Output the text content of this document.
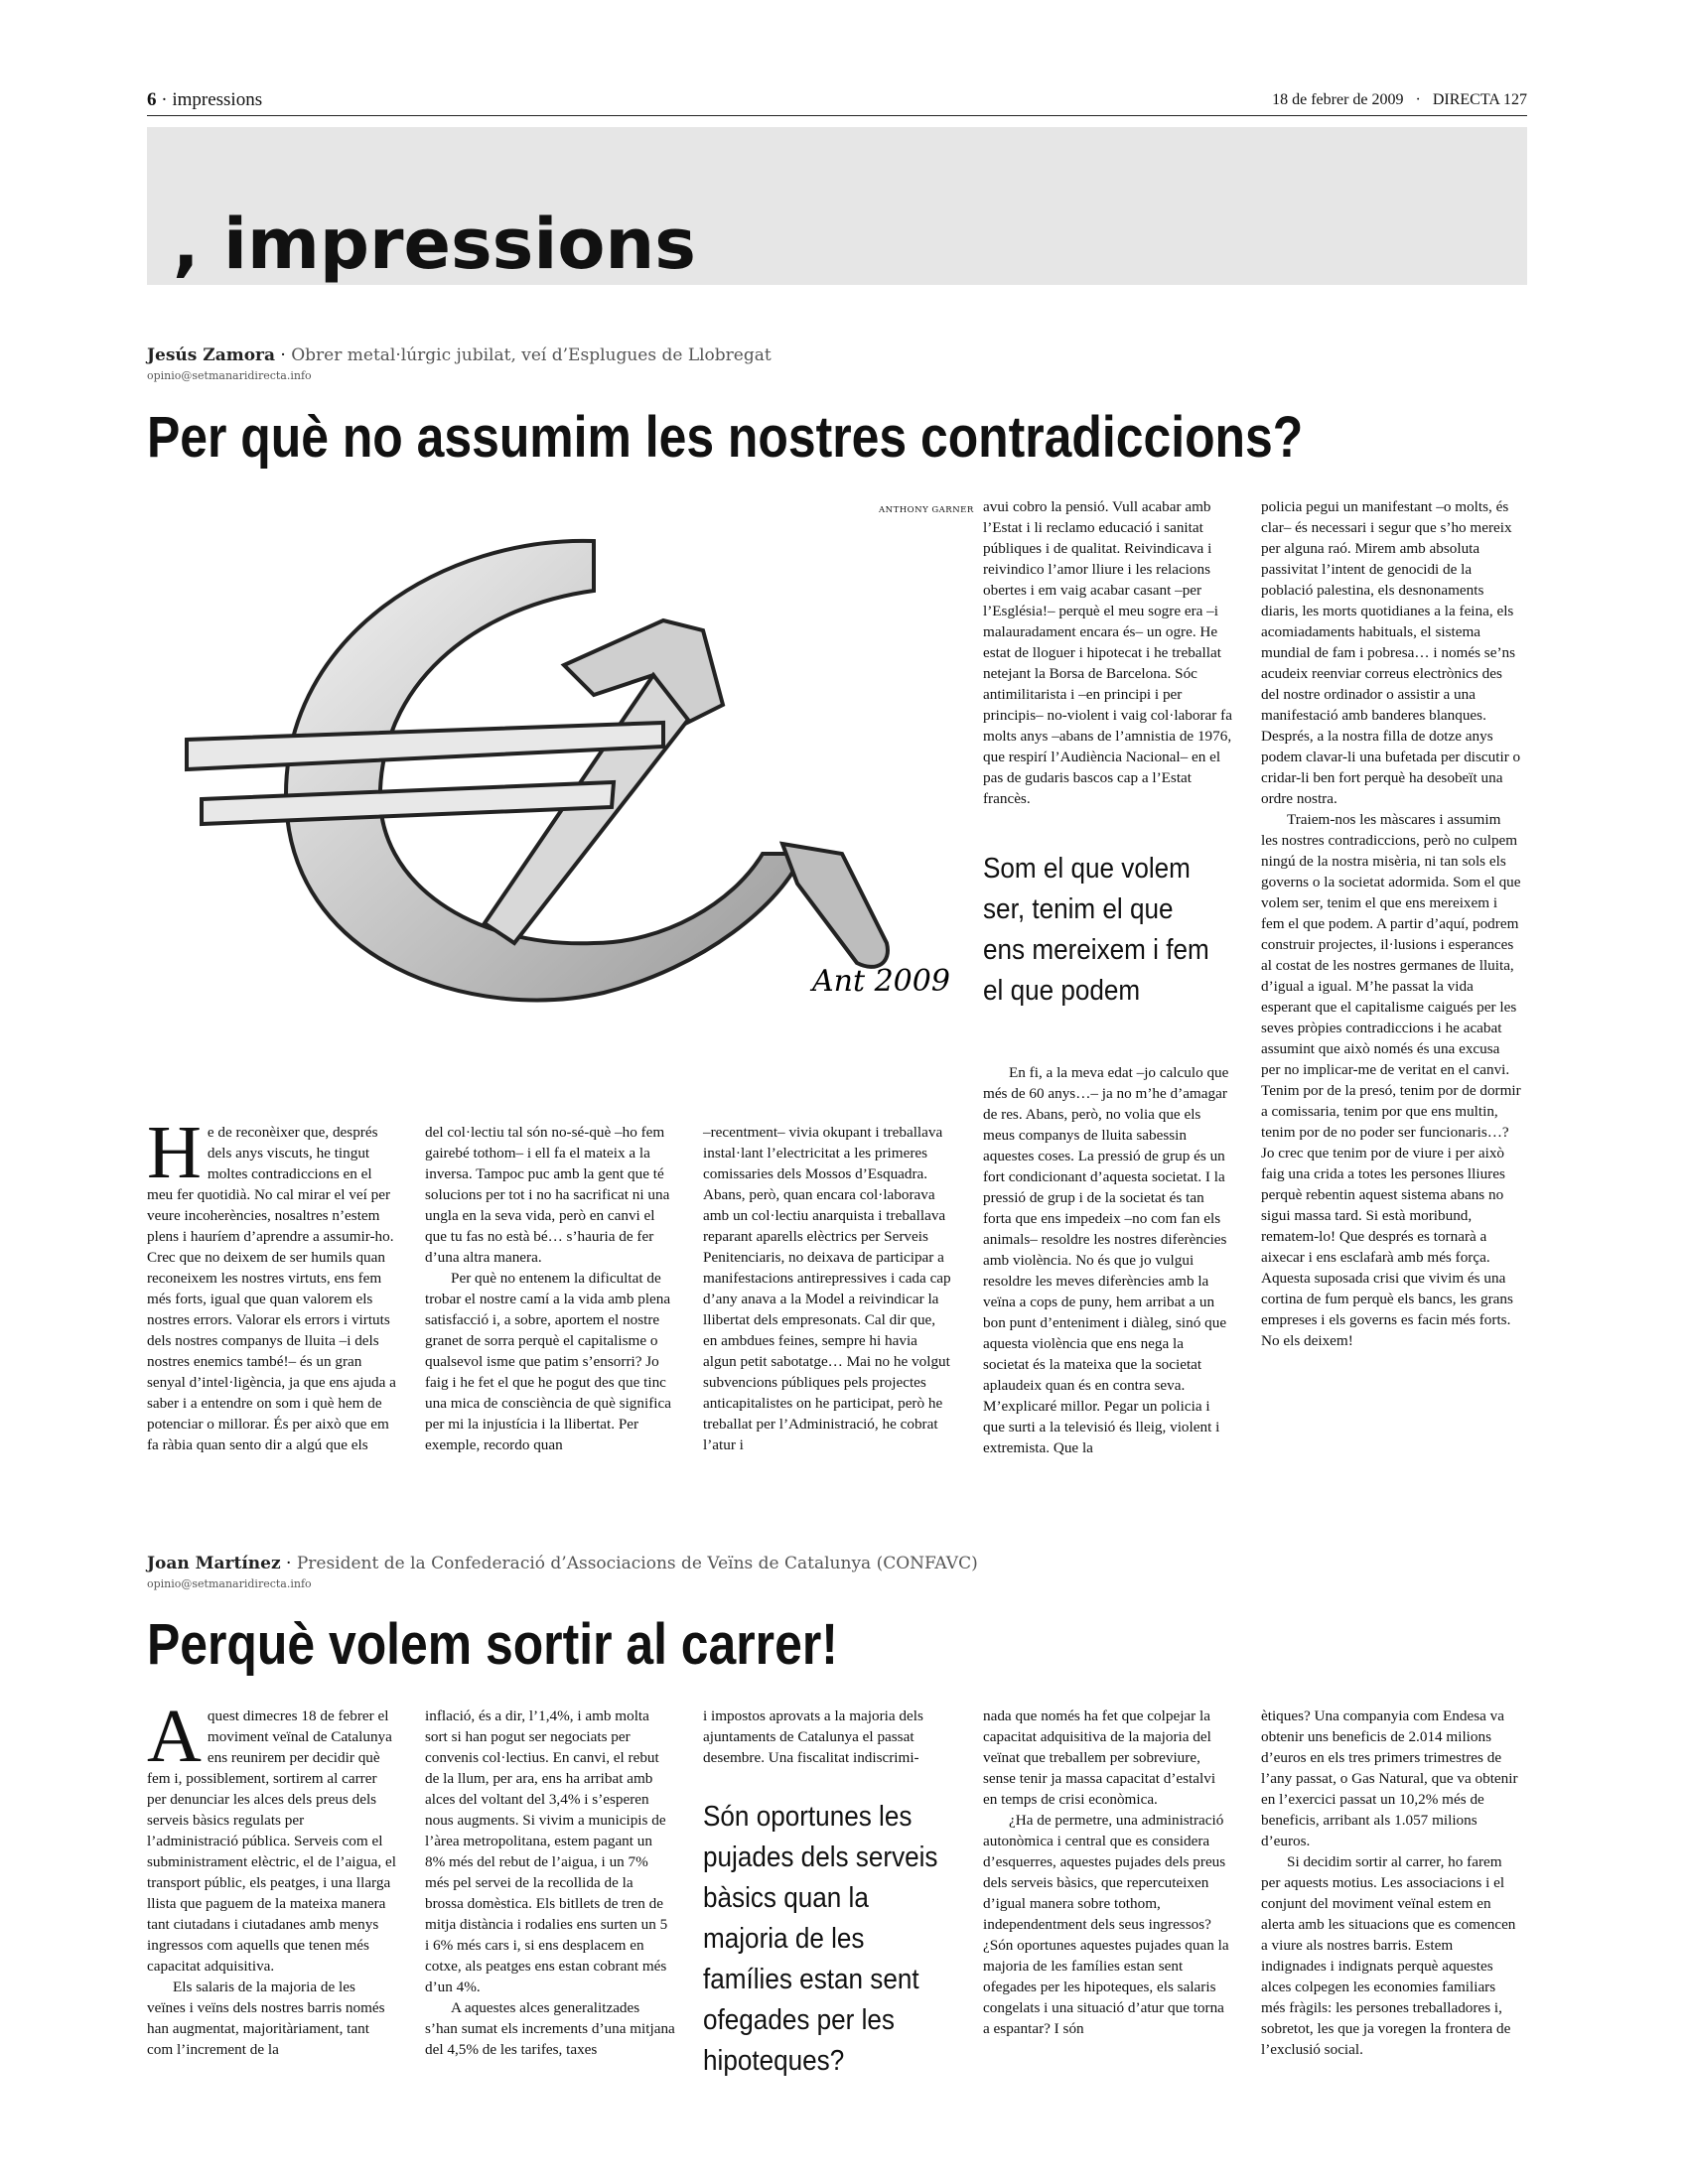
6 · impressions	18 de febrer de 2009 · DIRECTA 127
, impressions
Jesús Zamora · Obrer metal·lúrgic jubilat, veí d’Esplugues de Llobregat
opinio@setmanaridirecta.info
Per què no assumim les nostres contradiccions?
ANTHONY GARNER
Ant 2009

He de reconèixer que, després dels anys viscuts, he tingut moltes contradiccions en el meu fer quotidià. No cal mirar el veí per veure incoherències, nosaltres n’estem plens i hauríem d’aprendre a assumir-ho. Crec que no deixem de ser humils quan reconeixem les nostres virtuts, ens fem més forts, igual que quan valorem els nostres errors. Valorar els errors i virtuts dels nostres companys de lluita –i dels nostres enemics també!– és un gran senyal d’intel·ligència, ja que ens ajuda a saber i a entendre on som i què hem de potenciar o millorar. És per això que em fa ràbia quan sento dir a algú que els

del col·lectiu tal són no-sé-què –ho fem gairebé tothom– i ell fa el mateix a la inversa. Tampoc puc amb la gent que té solucions per tot i no ha sacrificat ni una ungla en la seva vida, però en canvi el que tu fas no està bé… s’hauria de fer d’una altra manera.

Per què no entenem la dificultat de trobar el nostre camí a la vida amb plena satisfacció i, a sobre, aportem el nostre granet de sorra perquè el capitalisme o qualsevol isme que patim s’ensorri? Jo faig i he fet el que he pogut des que tinc una mica de consciència de què significa per mi la injustícia i la llibertat. Per exemple, recordo quan

–recentment– vivia okupant i treballava instal·lant l’electricitat a les primeres comissaries dels Mossos d’Esquadra. Abans, però, quan encara col·laborava amb un col·lectiu anarquista i treballava reparant aparells elèctrics per Serveis Penitenciaris, no deixava de participar a manifestacions antirepressives i cada cap d’any anava a la Model a reivindicar la llibertat dels empresonats. Cal dir que, en ambdues feines, sempre hi havia algun petit sabotatge… Mai no he volgut subvencions públiques pels projectes anticapitalistes on he participat, però he treballat per l’Administració, he cobrat l’atur i

avui cobro la pensió. Vull acabar amb l’Estat i li reclamo educació i sanitat públiques i de qualitat. Reivindicava i reivindico l’amor lliure i les relacions obertes i em vaig acabar casant –per l’Església!– perquè el meu sogre era –i malauradament encara és– un ogre. He estat de lloguer i hipotecat i he treballat netejant la Borsa de Barcelona. Sóc antimilitarista i –en principi i per principis– no-violent i vaig col·laborar fa molts anys –abans de l’amnistia de 1976, que respirí l’Audiència Nacional– en el pas de gudaris bascos cap a l’Estat francès.

Som el que volem ser, tenim el que ens mereixem i fem el que podem

En fi, a la meva edat –jo calculo que més de 60 anys…– ja no m’he d’amagar de res. Abans, però, no volia que els meus companys de lluita sabessin aquestes coses. La pressió de grup és un fort condicionant d’aquesta societat. I la pressió de grup i de la societat és tan forta que ens impedeix –no com fan els animals– resoldre les nostres diferències amb violència. No és que jo vulgui resoldre les meves diferències amb la veïna a cops de puny, hem arribat a un bon punt d’enteniment i diàleg, sinó que aquesta violència que ens nega la societat és la mateixa que la societat aplaudeix quan és en contra seva. M’explicaré millor. Pegar un policia i que surti a la televisió és lleig, violent i extremista. Que la

policia pegui un manifestant –o molts, és clar– és necessari i segur que s’ho mereix per alguna raó. Mirem amb absoluta passivitat l’intent de genocidi de la població palestina, els desnonaments diaris, les morts quotidianes a la feina, els acomiadaments habituals, el sistema mundial de fam i pobresa… i només se’ns acudeix reenviar correus electrònics des del nostre ordinador o assistir a una manifestació amb banderes blanques. Després, a la nostra filla de dotze anys podem clavar-li una bufetada per discutir o cridar-li ben fort perquè ha desobeït una ordre nostra.

Traiem-nos les màscares i assumim les nostres contradiccions, però no culpem ningú de la nostra misèria, ni tan sols els governs o la societat adormida. Som el que volem ser, tenim el que ens mereixem i fem el que podem. A partir d’aquí, podrem construir projectes, il·lusions i esperances al costat de les nostres germanes de lluita, d’igual a igual. M’he passat la vida esperant que el capitalisme caigués per les seves pròpies contradiccions i he acabat assumint que això només és una excusa per no implicar-me de veritat en el canvi. Tenim por de la presó, tenim por de dormir a comissaria, tenim por que ens multin, tenim por de no poder ser funcionaris…? Jo crec que tenim por de viure i per això faig una crida a totes les persones lliures perquè rebentin aquest sistema abans no sigui massa tard. Si està moribund, rematem-lo! Que després es tornarà a aixecar i ens esclafarà amb més força. Aquesta suposada crisi que vivim és una cortina de fum perquè els bancs, les grans empreses i els governs es facin més forts. No els deixem!

Joan Martínez · President de la Confederació d’Associacions de Veïns de Catalunya (CONFAVC)
opinio@setmanaridirecta.info
Perquè volem sortir al carrer!

Aquest dimecres 18 de febrer el moviment veïnal de Catalunya ens reunirem per decidir què fem i, possiblement, sortirem al carrer per denunciar les alces dels preus dels serveis bàsics regulats per l’administració pública. Serveis com el subministrament elèctric, el de l’aigua, el transport públic, els peatges, i una llarga llista que paguem de la mateixa manera tant ciutadans i ciutadanes amb menys ingressos com aquells que tenen més capacitat adquisitiva.

Els salaris de la majoria de les veïnes i veïns dels nostres barris només han augmentat, majoritàriament, tant com l’increment de la

inflació, és a dir, l’1,4%, i amb molta sort si han pogut ser negociats per convenis col·lectius. En canvi, el rebut de la llum, per ara, ens ha arribat amb alces del voltant del 3,4% i s’esperen nous augments. Si vivim a municipis de l’àrea metropolitana, estem pagant un 8% més del rebut de l’aigua, i un 7% més pel servei de la recollida de la brossa domèstica. Els bitllets de tren de mitja distància i rodalies ens surten un 5 i 6% més cars i, si ens desplacem en cotxe, als peatges ens estan cobrant més d’un 4%.

A aquestes alces generalitzades s’han sumat els increments d’una mitjana del 4,5% de les tarifes, taxes

i impostos aprovats a la majoria dels ajuntaments de Catalunya el passat desembre. Una fiscalitat indiscrimi-

Són oportunes les pujades dels serveis bàsics quan la majoria de les famílies estan sent ofegades per les hipoteques?

nada que només ha fet que colpejar la capacitat adquisitiva de la majoria del veïnat que treballem per sobreviure, sense tenir ja massa capacitat d’estalvi en temps de crisi econòmica.

¿Ha de permetre, una administració autonòmica i central que es considera d’esquerres, aquestes pujades dels preus dels serveis bàsics, que repercuteixen d’igual manera sobre tothom, independentment dels seus ingressos? ¿Són oportunes aquestes pujades quan la majoria de les famílies estan sent ofegades per les hipoteques, els salaris congelats i una situació d’atur que torna a espantar? I són

ètiques? Una companyia com Endesa va obtenir uns beneficis de 2.014 milions d’euros en els tres primers trimestres de l’any passat, o Gas Natural, que va obtenir en l’exercici passat un 10,2% més de beneficis, arribant als 1.057 milions d’euros.

Si decidim sortir al carrer, ho farem per aquests motius. Les associacions i el conjunt del moviment veïnal estem en alerta amb les situacions que es comencen a viure als nostres barris. Estem indignades i indignats perquè aquestes alces colpegen les economies familiars més fràgils: les persones treballadores i, sobretot, les que ja voregen la frontera de l’exclusió social.
